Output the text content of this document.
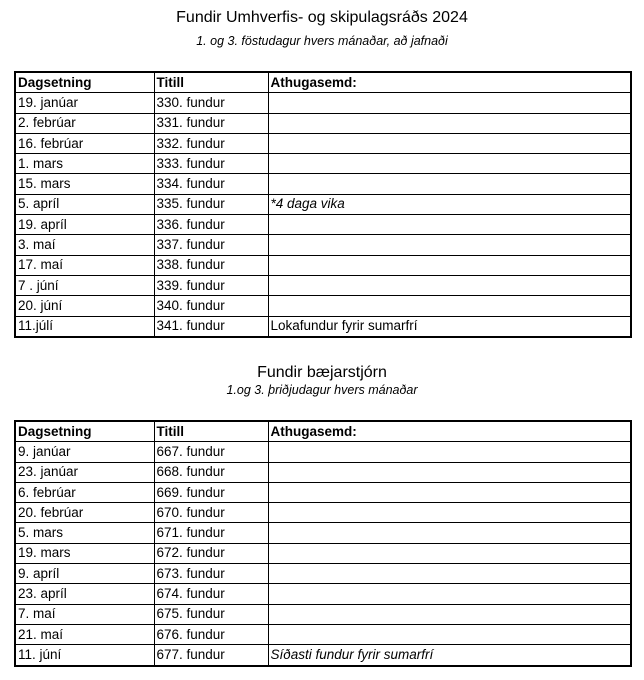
Fundir Umhverfis- og skipulagsráðs 2024
1. og 3. föstudagur hvers mánaðar, að jafnaði
Dagsetning	Titill	Athugasemd:
19. janúar	330. fundur	
2. febrúar	331. fundur	
16. febrúar	332. fundur	
1. mars	333. fundur	
15. mars	334. fundur	
5. apríl	335. fundur	*4 daga vika
19. apríl	336. fundur	
3. maí	337. fundur	
17. maí	338. fundur	
7 . júní	339. fundur	
20. júní	340. fundur	
11.júlí	341. fundur	Lokafundur fyrir sumarfrí
Fundir bæjarstjórn
1.og 3. þriðjudagur hvers mánaðar
Dagsetning	Titill	Athugasemd:
9. janúar	667. fundur	
23. janúar	668. fundur	
6. febrúar	669. fundur	
20. febrúar	670. fundur	
5. mars	671. fundur	
19. mars	672. fundur	
9. apríl	673. fundur	
23. apríl	674. fundur	
7. maí	675. fundur	
21. maí	676. fundur	
11. júní	677. fundur	Síðasti fundur fyrir sumarfrí
